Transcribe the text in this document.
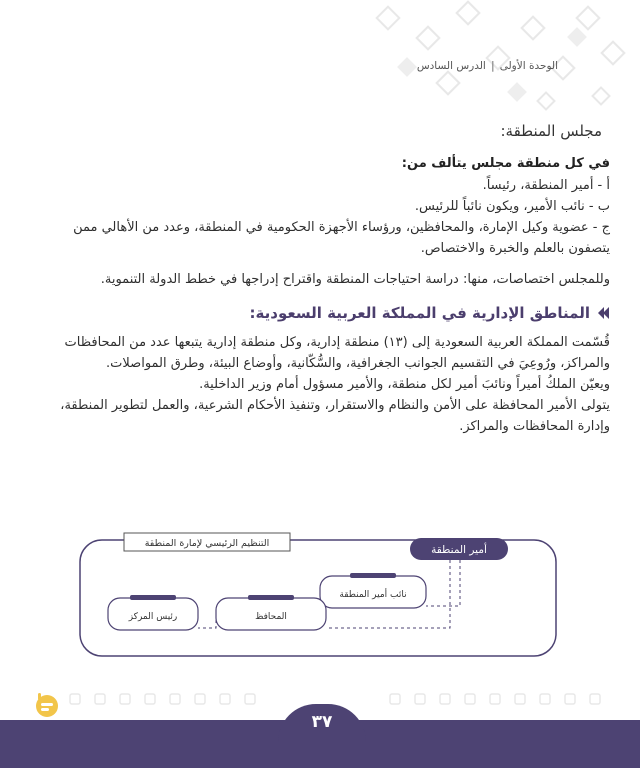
الوحدة الأولى
|
الدرس السادس
مجلس المنطقة:
في كل منطقة مجلس يتألف من:

أ - أمير المنطقة، رئيساً.

ب - نائب الأمير، ويكون نائباً للرئيس.

ج - عضوية وكيل الإمارة، والمحافظين، ورؤساء الأجهزة الحكومية في المنطقة، وعدد من الأهالي ممن يتصفون بالعلم والخبرة والاختصاص.

وللمجلس اختصاصات، منها: دراسة احتياجات المنطقة واقتراح إدراجها في خطط الدولة التنموية.

المناطق الإدارية في المملكة العربية السعودية:

قُسّمت المملكة العربية السعودية إلى (١٣) منطقة إدارية، وكل منطقة إدارية يتبعها عدد من المحافظات والمراكز، ورُوعِيَ في التقسيم الجوانب الجغرافية، والسُّكّانية، وأوضاع البيئة، وطرق المواصلات.

ويعيّن الملكُ أميراً ونائبَ أمير لكل منطقة، والأمير مسؤول أمام وزير الداخلية.

يتولى الأمير المحافظة على الأمن والنظام والاستقرار، وتنفيذ الأحكام الشرعية، والعمل لتطوير المنطقة، وإدارة المحافظات والمراكز.

التنظيم الرئيسي لإمارة المنطقة
أمير المنطقة
نائب أمير المنطقة
المحافظ
رئيس المركز
٣٧
